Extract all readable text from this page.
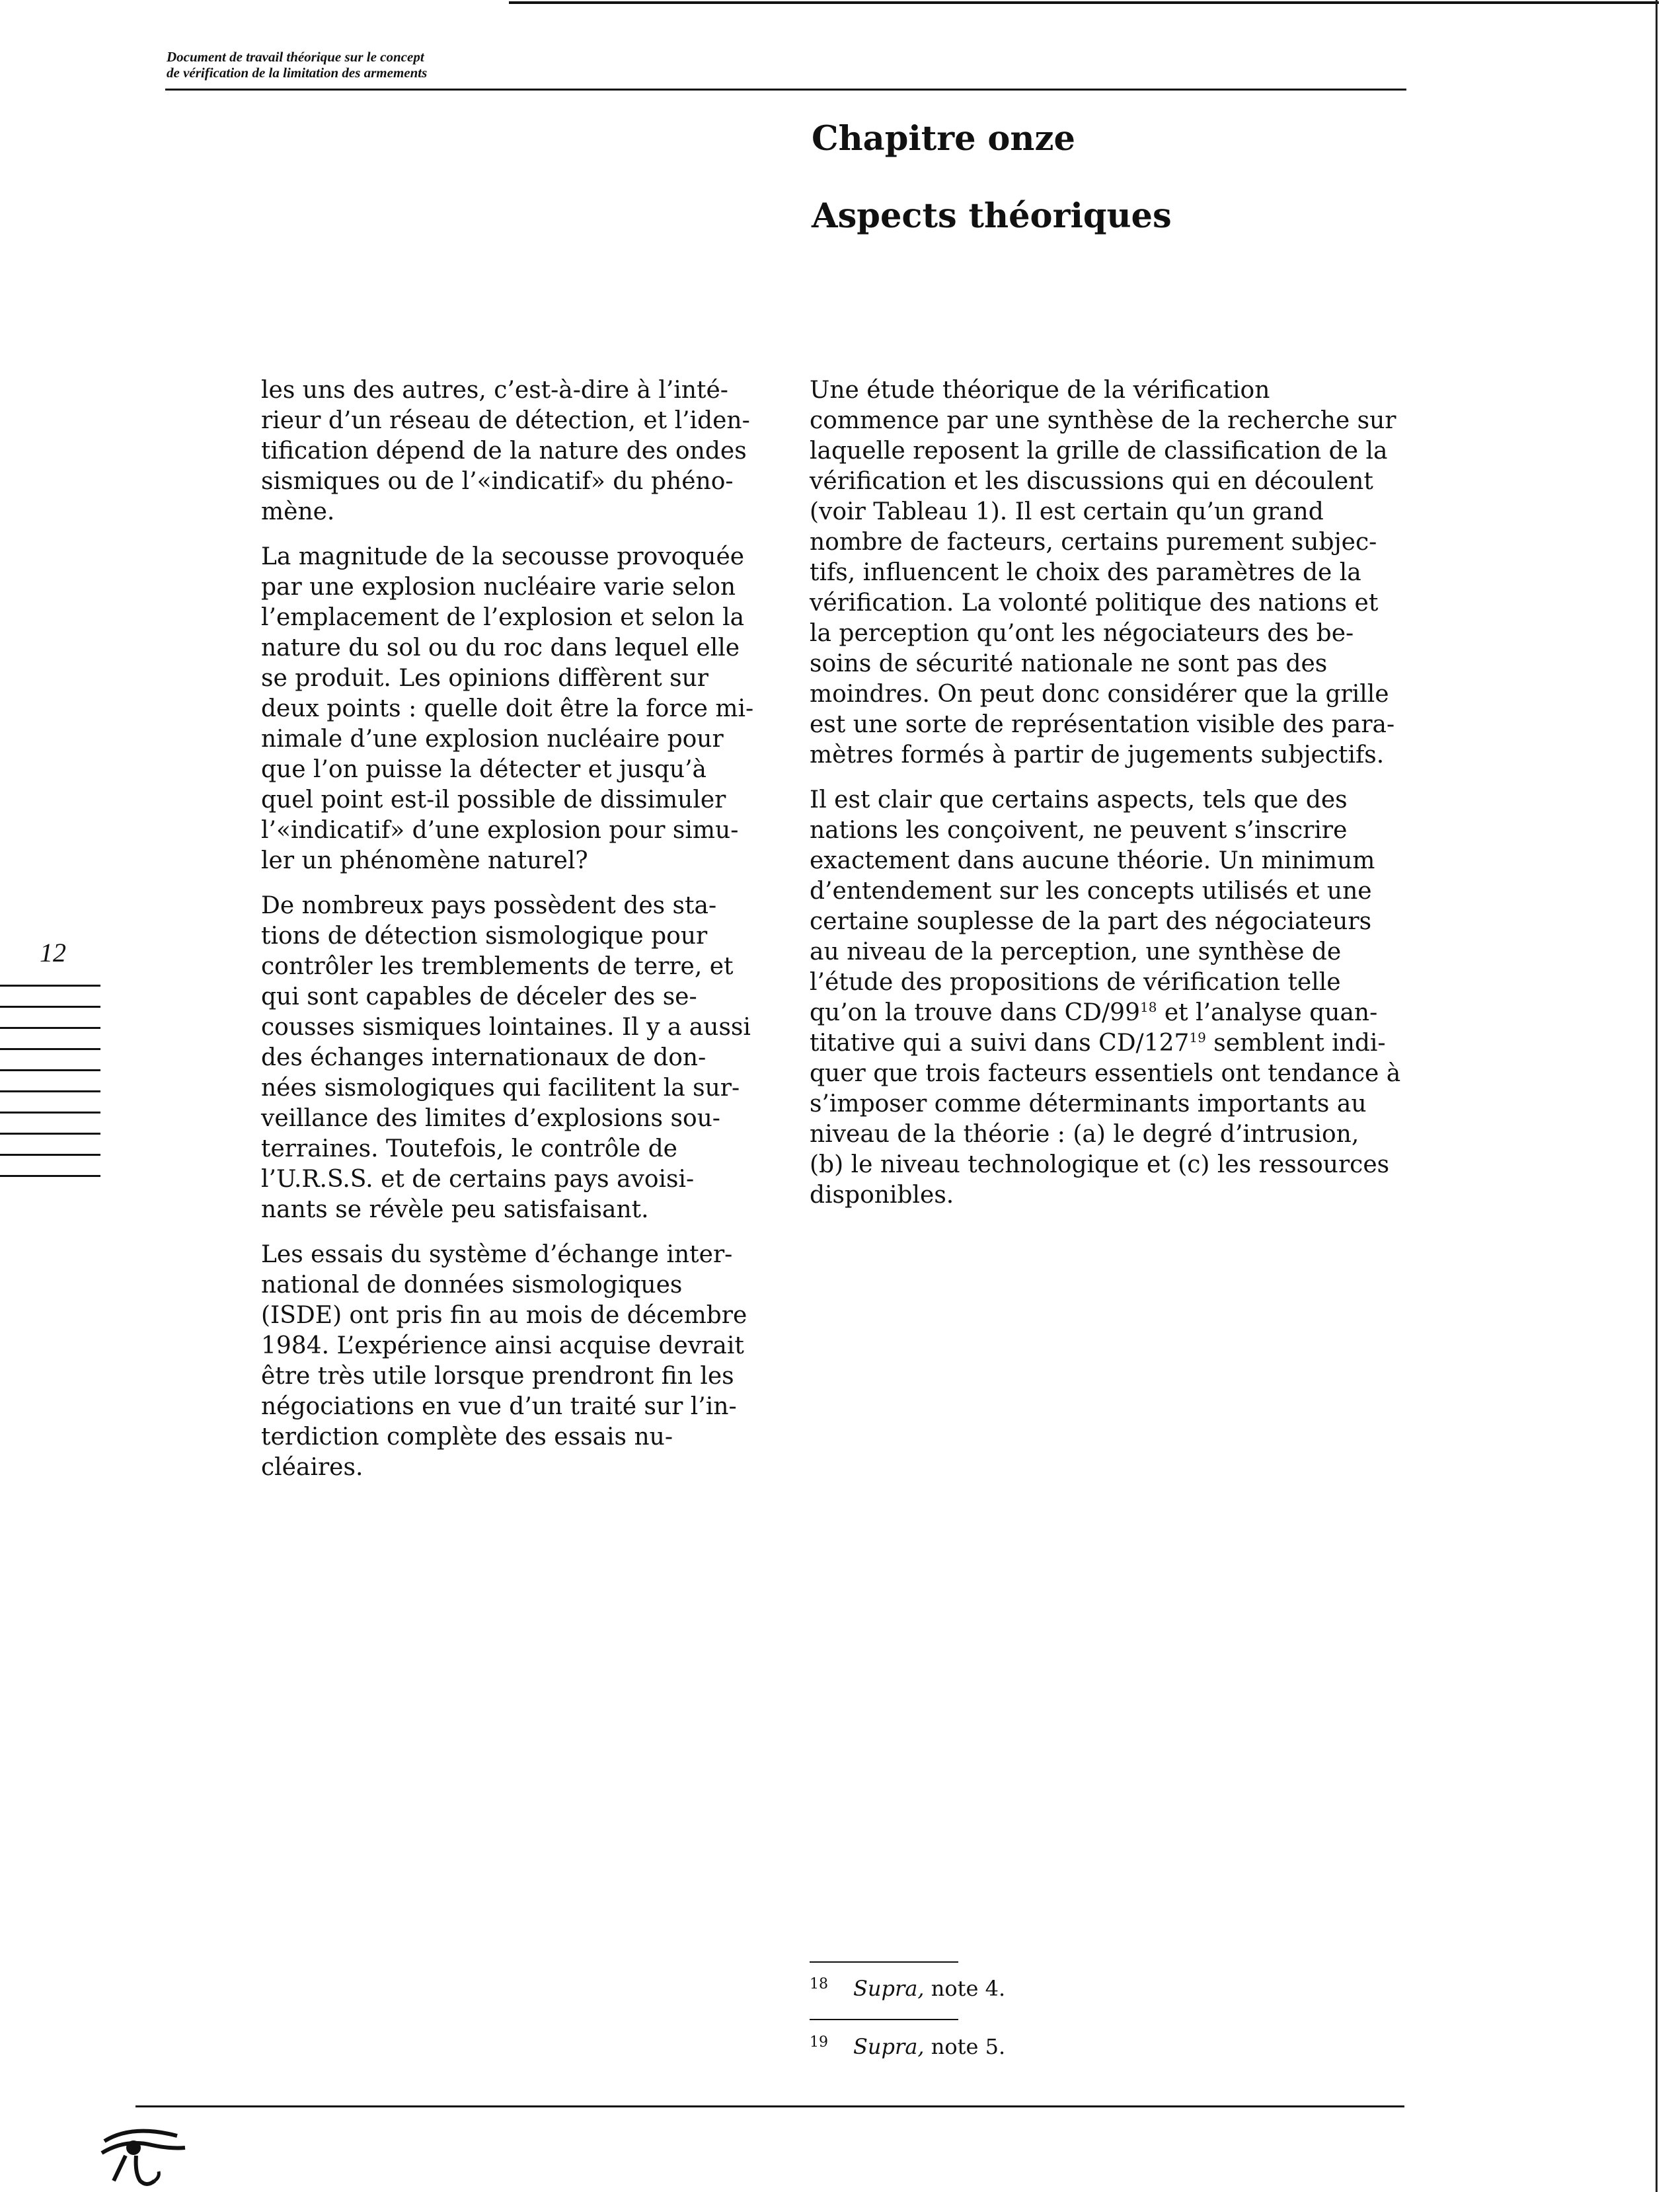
Document de travail théorique sur le concept
de vérification de la limitation des armements
Chapitre onze
Aspects théoriques

les uns des autres, c’est-à-dire à l’inté-
rieur d’un réseau de détection, et l’iden-
tification dépend de la nature des ondes
sismiques ou de l’«indicatif» du phéno-
mène.

La magnitude de la secousse provoquée
par une explosion nucléaire varie selon
l’emplacement de l’explosion et selon la
nature du sol ou du roc dans lequel elle
se produit. Les opinions diffèrent sur
deux points : quelle doit être la force mi-
nimale d’une explosion nucléaire pour
que l’on puisse la détecter et jusqu’à
quel point est-il possible de dissimuler
l’«indicatif» d’une explosion pour simu-
ler un phénomène naturel?

De nombreux pays possèdent des sta-
tions de détection sismologique pour
contrôler les tremblements de terre, et
qui sont capables de déceler des se-
cousses sismiques lointaines. Il y a aussi
des échanges internationaux de don-
nées sismologiques qui facilitent la sur-
veillance des limites d’explosions sou-
terraines. Toutefois, le contrôle de
l’U.R.S.S. et de certains pays avoisi-
nants se révèle peu satisfaisant.

Les essais du système d’échange inter-
national de données sismologiques
(ISDE) ont pris fin au mois de décembre
1984. L’expérience ainsi acquise devrait
être très utile lorsque prendront fin les
négociations en vue d’un traité sur l’in-
terdiction complète des essais nu-
cléaires.

Une étude théorique de la vérification
commence par une synthèse de la recherche sur
laquelle reposent la grille de classification de la
vérification et les discussions qui en découlent
(voir Tableau 1). Il est certain qu’un grand
nombre de facteurs, certains purement subjec-
tifs, influencent le choix des paramètres de la
vérification. La volonté politique des nations et
la perception qu’ont les négociateurs des be-
soins de sécurité nationale ne sont pas des
moindres. On peut donc considérer que la grille
est une sorte de représentation visible des para-
mètres formés à partir de jugements subjectifs.

Il est clair que certains aspects, tels que des
nations les conçoivent, ne peuvent s’inscrire
exactement dans aucune théorie. Un minimum
d’entendement sur les concepts utilisés et une
certaine souplesse de la part des négociateurs
au niveau de la perception, une synthèse de
l’étude des propositions de vérification telle
qu’on la trouve dans $CD/99^{18}$ et l’analyse quan-
titative qui a suivi dans $CD/127^{19}$ semblent indi-
quer que trois facteurs essentiels ont tendance à
s’imposer comme déterminants importants au
niveau de la théorie : (a) le degré d’intrusion,
(b) le niveau technologique et (c) les ressources
disponibles.

12
$^{18}$ Supra, note 4.
$^{19}$ Supra, note 5.
